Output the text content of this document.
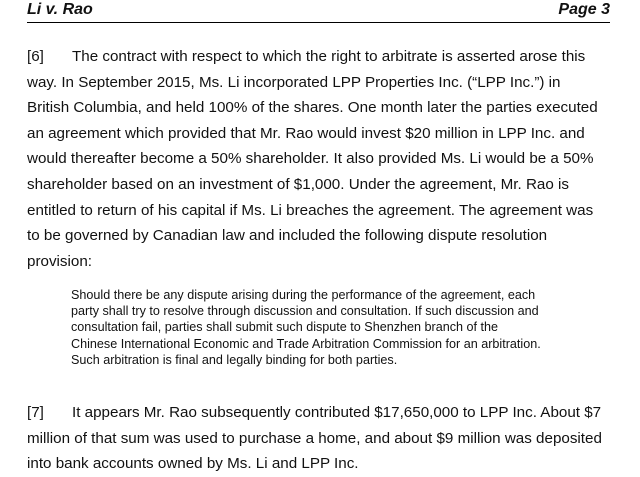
Li v. Rao	Page 3

[6] The contract with respect to which the right to arbitrate is asserted arose this way. In September 2015, Ms. Li incorporated LPP Properties Inc. (“LPP Inc.”) in British Columbia, and held 100% of the shares. One month later the parties executed an agreement which provided that Mr. Rao would invest $20 million in LPP Inc. and would thereafter become a 50% shareholder. It also provided Ms. Li would be a 50% shareholder based on an investment of $1,000. Under the agreement, Mr. Rao is entitled to return of his capital if Ms. Li breaches the agreement. The agreement was to be governed by Canadian law and included the following dispute resolution provision:

Should there be any dispute arising during the performance of the agreement, each party shall try to resolve through discussion and consultation. If such discussion and consultation fail, parties shall submit such dispute to Shenzhen branch of the Chinese International Economic and Trade Arbitration Commission for an arbitration. Such arbitration is final and legally binding for both parties.

[7] It appears Mr. Rao subsequently contributed $17,650,000 to LPP Inc. About $7 million of that sum was used to purchase a home, and about $9 million was deposited into bank accounts owned by Ms. Li and LPP Inc.
